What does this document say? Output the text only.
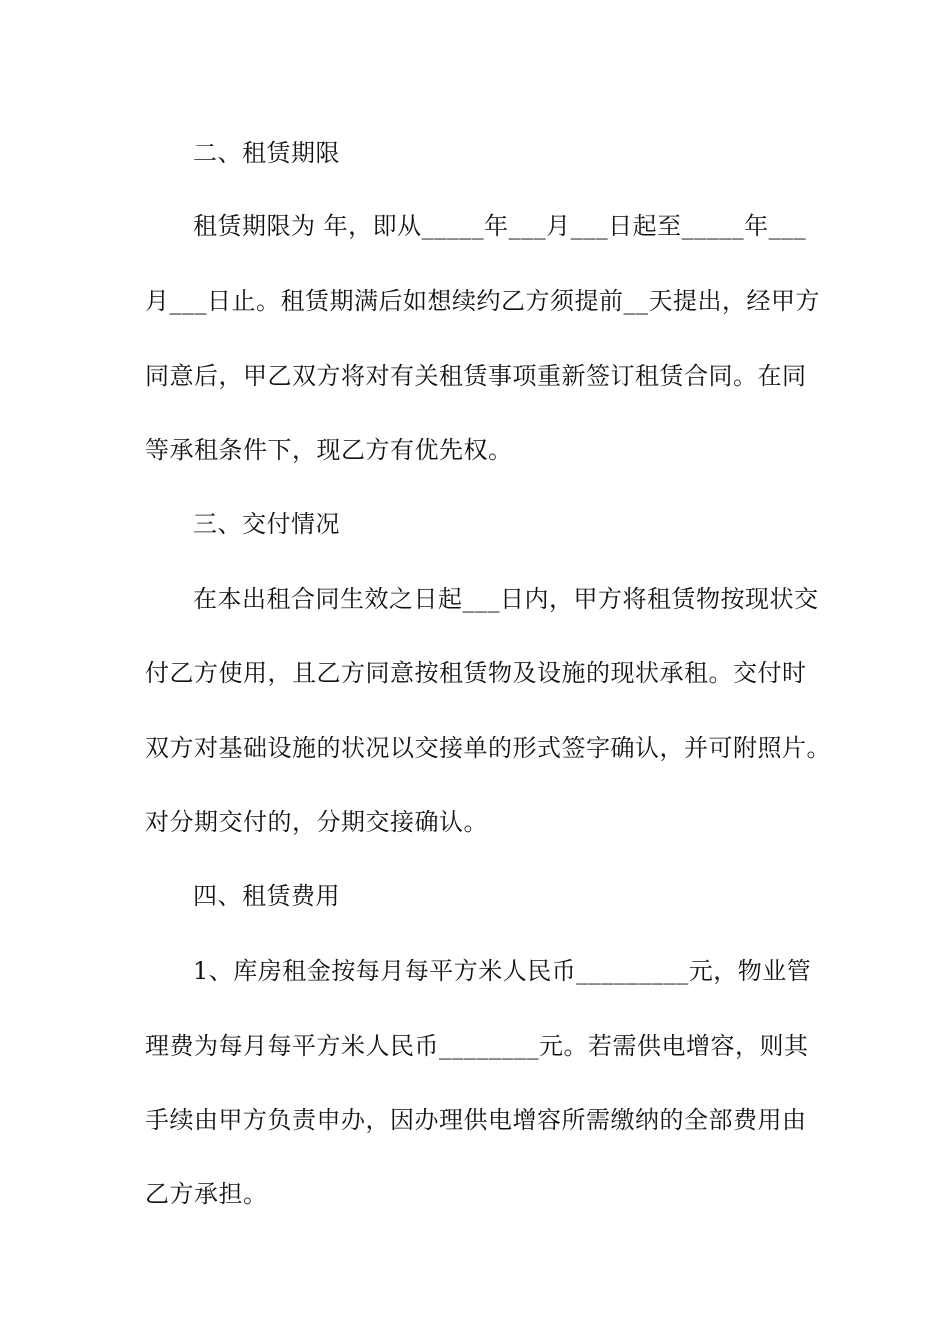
二、租赁期限
租赁期限为 年，即从_____年___月___日起至_____年___
月___日止。租赁期满后如想续约乙方须提前__天提出，经甲方
同意后，甲乙双方将对有关租赁事项重新签订租赁合同。在同
等承租条件下，现乙方有优先权。
三、交付情况
在本出租合同生效之日起___日内，甲方将租赁物按现状交
付乙方使用，且乙方同意按租赁物及设施的现状承租。交付时
双方对基础设施的状况以交接单的形式签字确认，并可附照片。
对分期交付的，分期交接确认。
四、租赁费用
1、库房租金按每月每平方米人民币_________元，物业管
理费为每月每平方米人民币________元。若需供电增容，则其
手续由甲方负责申办，因办理供电增容所需缴纳的全部费用由
乙方承担。
